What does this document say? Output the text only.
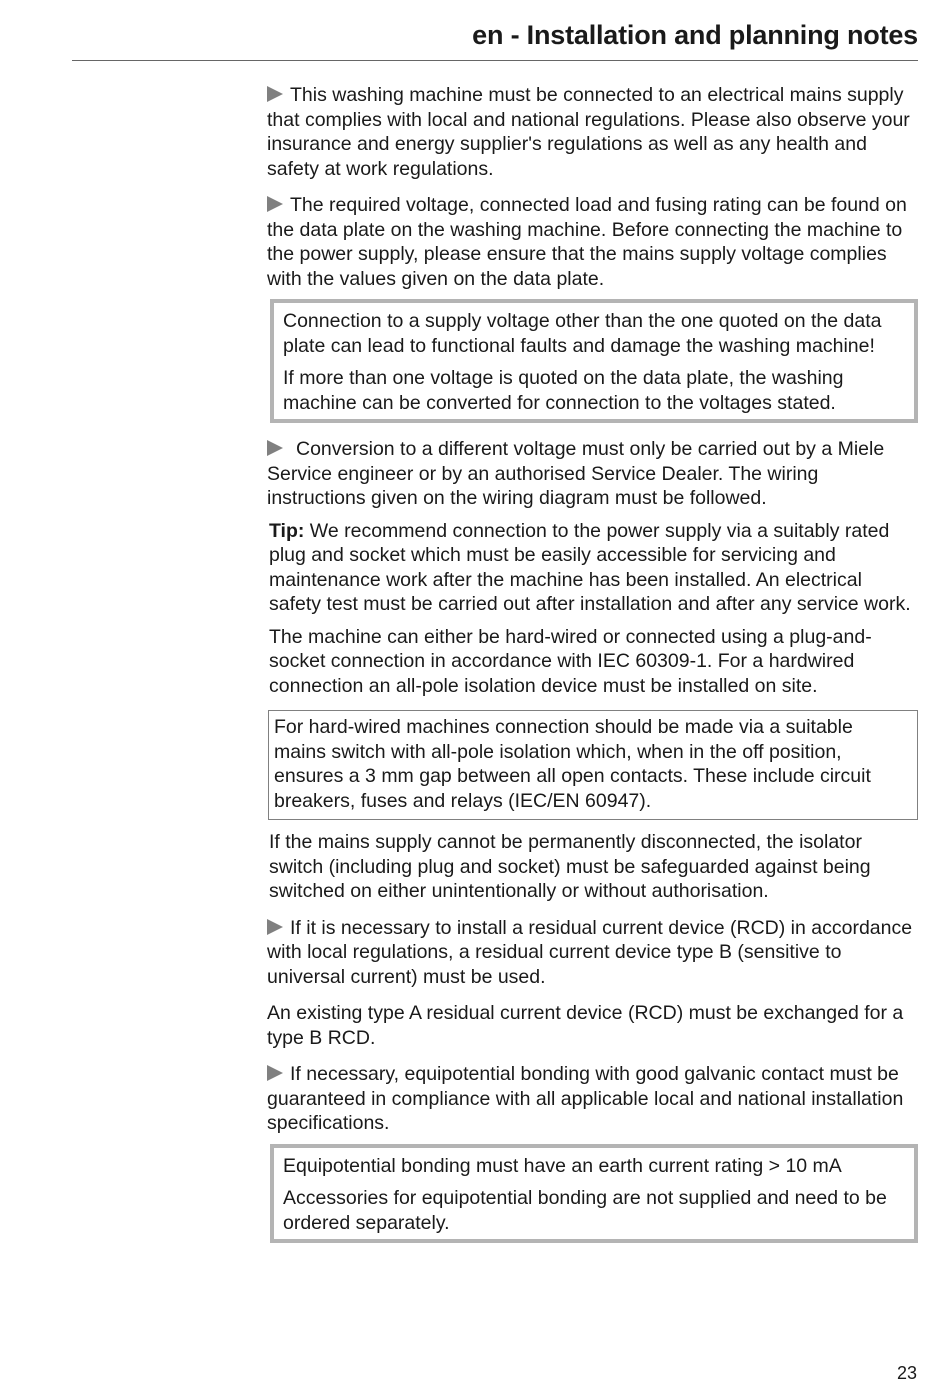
en - Installation and planning notes

This washing machine must be connected to an electrical mains supply that complies with local and national regulations. Please also observe your insurance and energy supplier's regulations as well as any health and safety at work regulations.

The required voltage, connected load and fusing rating can be found on the data plate on the washing machine. Before connecting the machine to the power supply, please ensure that the mains supply voltage complies with the values given on the data plate.

Connection to a supply voltage other than the one quoted on the data plate can lead to functional faults and damage the washing machine!

If more than one voltage is quoted on the data plate, the washing machine can be converted for connection to the voltages stated.

Conversion to a different voltage must only be carried out by a Miele Service engineer or by an authorised Service Dealer. The wiring instructions given on the wiring diagram must be followed.

Tip: We recommend connection to the power supply via a suitably rated plug and socket which must be easily accessible for servicing and maintenance work after the machine has been installed. An electrical safety test must be carried out after installation and after any service work.

The machine can either be hard-wired or connected using a plug-and-socket connection in accordance with IEC 60309-1. For a hardwired connection an all-pole isolation device must be installed on site.

For hard-wired machines connection should be made via a suitable mains switch with all-pole isolation which, when in the off position, ensures a 3 mm gap between all open contacts. These include circuit breakers, fuses and relays (IEC/EN 60947).

If the mains supply cannot be permanently disconnected, the isolator switch (including plug and socket) must be safeguarded against being switched on either unintentionally or without authorisation.

If it is necessary to install a residual current device (RCD) in accordance with local regulations, a residual current device type B (sensitive to universal current) must be used.

An existing type A residual current device (RCD) must be exchanged for a type B RCD.

If necessary, equipotential bonding with good galvanic contact must be guaranteed in compliance with all applicable local and national installation specifications.

Equipotential bonding must have an earth current rating > 10 mA

Accessories for equipotential bonding are not supplied and need to be ordered separately.

23
